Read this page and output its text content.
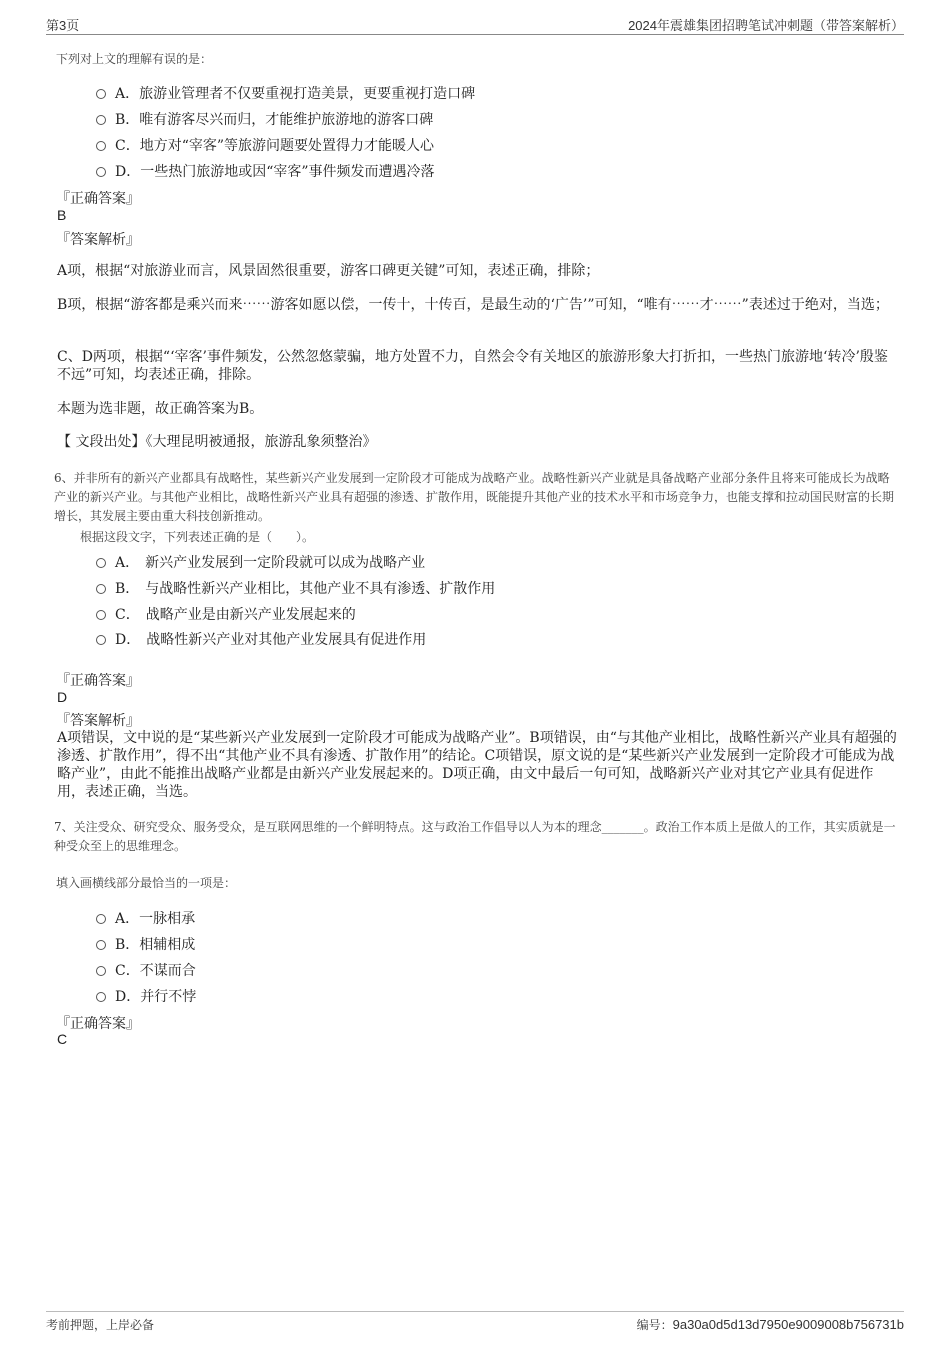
第3页	2024年震雄集团招聘笔试冲刺题（带答案解析）
下列对上文的理解有误的是：
A．旅游业管理者不仅要重视打造美景，更要重视打造口碑
B．唯有游客尽兴而归，才能维护旅游地的游客口碑
C．地方对“宰客”等旅游问题要处置得力才能暖人心
D．一些热门旅游地或因“宰客”事件频发而遭遇冷落
『正确答案』
B
『答案解析』
A项，根据“对旅游业而言，风景固然很重要，游客口碑更关键”可知，表述正确，排除；
B项，根据“游客都是乘兴而来⋯⋯游客如愿以偿，一传十，十传百，是最生动的‘广告’”可知，“唯有⋯⋯才⋯⋯”表述过于绝对，当选；
C、D两项，根据“‘宰客’事件频发，公然忽悠蒙骗，地方处置不力，自然会令有关地区的旅游形象大打折扣，一些热门旅游地‘转冷’殷鉴不远”可知，均表述正确，排除。
本题为选非题，故正确答案为B。
【 文段出处】《大理昆明被通报，旅游乱象须整治》
6、并非所有的新兴产业都具有战略性，某些新兴产业发展到一定阶段才可能成为战略产业。战略性新兴产业就是具备战略产业部分条件且将来可能成长为战略产业的新兴产业。与其他产业相比，战略性新兴产业具有超强的渗透、扩散作用，既能提升其他产业的技术水平和市场竞争力，也能支撑和拉动国民财富的长期增长，其发展主要由重大科技创新推动。
根据这段文字，下列表述正确的是（　　）。
A． 新兴产业发展到一定阶段就可以成为战略产业
B． 与战略性新兴产业相比，其他产业不具有渗透、扩散作用
C． 战略产业是由新兴产业发展起来的
D． 战略性新兴产业对其他产业发展具有促进作用
『正确答案』
D
『答案解析』
A项错误，文中说的是“某些新兴产业发展到一定阶段才可能成为战略产业”。B项错误，由“与其他产业相比，战略性新兴产业具有超强的渗透、扩散作用”，得不出“其他产业不具有渗透、扩散作用”的结论。C项错误，原文说的是“某些新兴产业发展到一定阶段才可能成为战略产业”，由此不能推出战略产业都是由新兴产业发展起来的。D项正确，由文中最后一句可知，战略新兴产业对其它产业具有促进作用，表述正确，当选。
7、关注受众、研究受众、服务受众，是互联网思维的一个鲜明特点。这与政治工作倡导以人为本的理念_______。政治工作本质上是做人的工作，其实质就是一种受众至上的思维理念。
填入画横线部分最恰当的一项是：
A．一脉相承
B．相辅相成
C．不谋而合
D．并行不悖
『正确答案』
C
考前押题，上岸必备	编号：9a30a0d5d13d7950e9009008b756731b
